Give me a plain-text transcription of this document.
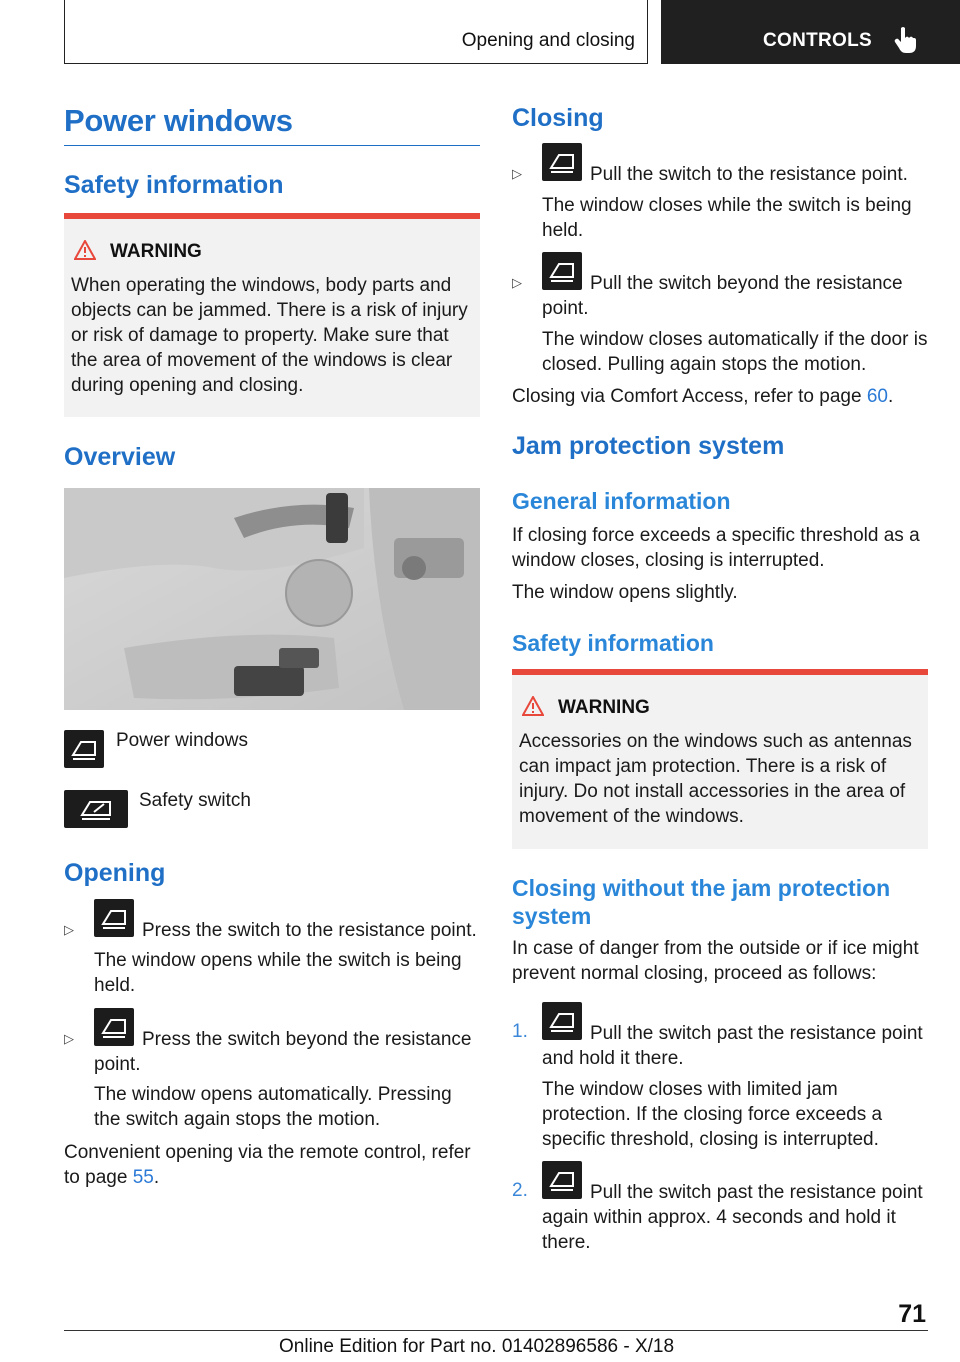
Opening and closing	CONTROLS
Power windows
Safety information
WARNING
When operating the windows, body parts and objects can be jammed. There is a risk of injury or risk of damage to property. Make sure that the area of movement of the windows is clear during opening and closing.
Overview
Power windows
Safety switch
Opening
▷	Press the switch to the resistance point.
The window opens while the switch is being held.
▷	Press the switch beyond the resistance point.
The window opens automatically. Pressing the switch again stops the motion.
Convenient opening via the remote control, refer to page 55.
Closing
▷	Pull the switch to the resistance point.
The window closes while the switch is being held.
▷	Pull the switch beyond the resistance point.
The window closes automatically if the door is closed. Pulling again stops the motion.
Closing via Comfort Access, refer to page 60.
Jam protection system
General information
If closing force exceeds a specific threshold as a window closes, closing is interrupted.
The window opens slightly.
Safety information
WARNING
Accessories on the windows such as antennas can impact jam protection. There is a risk of injury. Do not install accessories in the area of movement of the windows.
Closing without the jam protection system
In case of danger from the outside or if ice might prevent normal closing, proceed as follows:
1.	Pull the switch past the resistance point and hold it there.
The window closes with limited jam protection. If the closing force exceeds a specific threshold, closing is interrupted.
2.	Pull the switch past the resistance point again within approx. 4 seconds and hold it there.
71
Online Edition for Part no. 01402896586 - X/18
